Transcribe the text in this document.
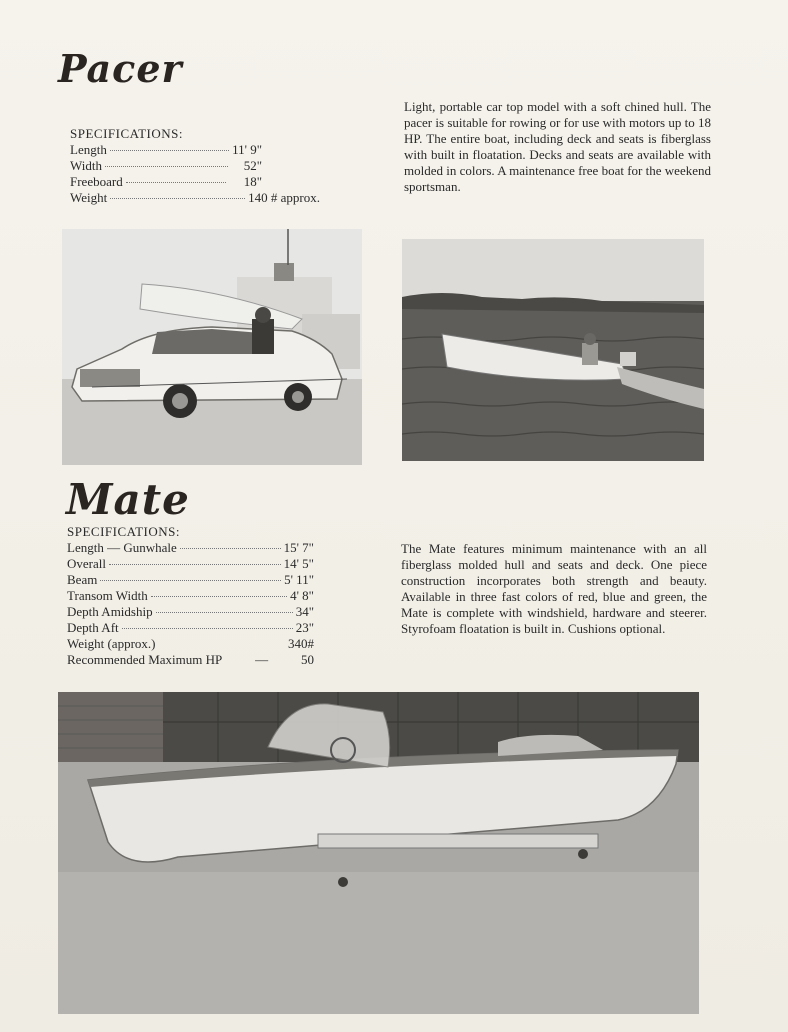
Pacer
SPECIFICATIONS:
Length	11' 9"
Width	52"
Freeboard	18"
Weight	140 # approx.
Light, portable car top model with a soft chined hull. The pacer is suitable for rowing or for use with motors up to 18 HP. The entire boat, including deck and seats is fiberglass with built in floatation. Decks and seats are available with molded in colors. A maintenance free boat for the weekend sportsman.
Mate
SPECIFICATIONS:
Length — Gunwhale	15' 7"
Overall	14' 5"
Beam	5' 11"
Transom Width	4' 8"
Depth Amidship	34"
Depth Aft	23"
Weight (approx.)	340#
Recommended Maximum HP	—	50
The Mate features minimum maintenance with an all fiberglass molded hull and seats and deck. One piece construction incorporates both strength and beauty. Available in three fast colors of red, blue and green, the Mate is complete with windshield, hardware and steerer. Styrofoam floatation is built in. Cushions optional.
